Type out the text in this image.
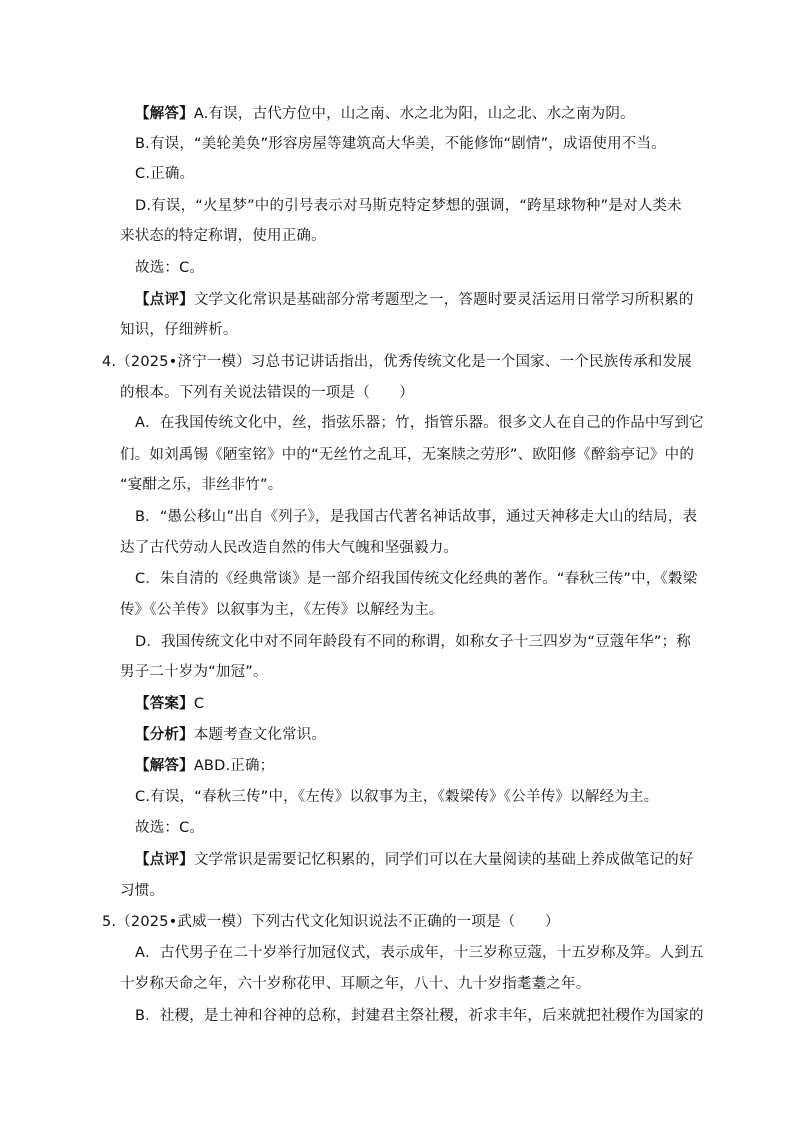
【解答】A.有误，古代方位中，山之南、水之北为阳，山之北、水之南为阴。
B.有误，“美轮美奂”形容房屋等建筑高大华美，不能修饰“剧情”，成语使用不当。
C.正确。
D.有误，“火星梦”中的引号表示对马斯克特定梦想的强调，“跨星球物种”是对人类未
来状态的特定称谓，使用正确。
故选：C。
【点评】文学文化常识是基础部分常考题型之一，答题时要灵活运用日常学习所积累的
知识，仔细辨析。
4.（2025•济宁一模）习总书记讲话指出，优秀传统文化是一个国家、一个民族传承和发展
的根本。下列有关说法错误的一项是（　　）
A．在我国传统文化中，丝，指弦乐器；竹，指管乐器。很多文人在自己的作品中写到它
们。如刘禹锡《陋室铭》中的“无丝竹之乱耳，无案牍之劳形”、欧阳修《醉翁亭记》中的
“宴酣之乐，非丝非竹”。
B．“愚公移山”出自《列子》，是我国古代著名神话故事，通过天神移走大山的结局，表
达了古代劳动人民改造自然的伟大气魄和坚强毅力。
C．朱自清的《经典常谈》是一部介绍我国传统文化经典的著作。“春秋三传”中，《穀梁
传》《公羊传》以叙事为主，《左传》以解经为主。
D．我国传统文化中对不同年龄段有不同的称谓，如称女子十三四岁为“豆蔻年华”；称
男子二十岁为“加冠”。
【答案】C
【分析】本题考查文化常识。
【解答】ABD.正确；
C.有误，“春秋三传”中，《左传》以叙事为主，《穀梁传》《公羊传》以解经为主。
故选：C。
【点评】文学常识是需要记忆积累的，同学们可以在大量阅读的基础上养成做笔记的好
习惯。
5.（2025•武威一模）下列古代文化知识说法不正确的一项是（　　）
A．古代男子在二十岁举行加冠仪式，表示成年，十三岁称豆蔻，十五岁称及笄。人到五
十岁称天命之年，六十岁称花甲、耳顺之年，八十、九十岁指耄耋之年。
B．社稷，是土神和谷神的总称，封建君主祭社稷，祈求丰年，后来就把社稷作为国家的
